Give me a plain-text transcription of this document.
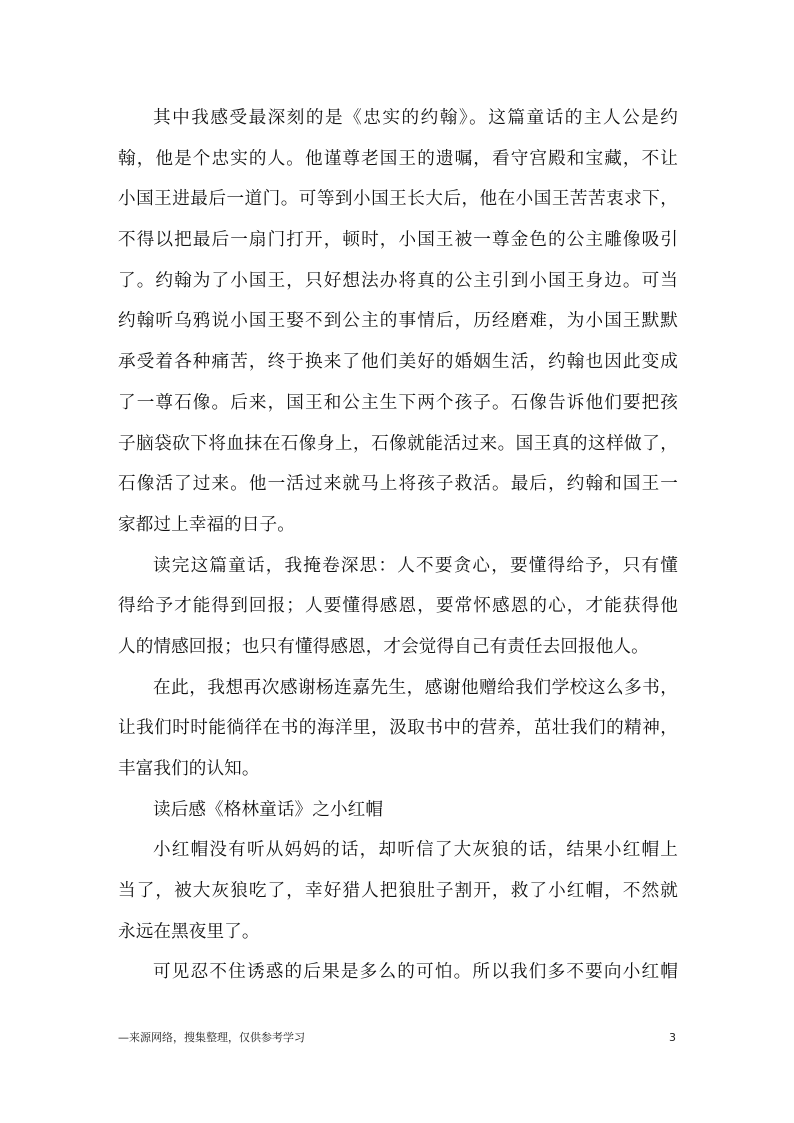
其中我感受最深刻的是《忠实的约翰》。这篇童话的主人公是约
翰，他是个忠实的人。他谨尊老国王的遗嘱，看守宫殿和宝藏，不让
小国王进最后一道门。可等到小国王长大后，他在小国王苦苦衷求下，
不得以把最后一扇门打开，顿时，小国王被一尊金色的公主雕像吸引
了。约翰为了小国王，只好想法办将真的公主引到小国王身边。可当
约翰听乌鸦说小国王娶不到公主的事情后，历经磨难，为小国王默默
承受着各种痛苦，终于换来了他们美好的婚姻生活，约翰也因此变成
了一尊石像。后来，国王和公主生下两个孩子。石像告诉他们要把孩
子脑袋砍下将血抹在石像身上，石像就能活过来。国王真的这样做了，
石像活了过来。他一活过来就马上将孩子救活。最后，约翰和国王一
家都过上幸福的日子。
读完这篇童话，我掩卷深思：人不要贪心，要懂得给予，只有懂
得给予才能得到回报；人要懂得感恩，要常怀感恩的心，才能获得他
人的情感回报；也只有懂得感恩，才会觉得自己有责任去回报他人。
在此，我想再次感谢杨连嘉先生，感谢他赠给我们学校这么多书，
让我们时时能徜徉在书的海洋里，汲取书中的营养，茁壮我们的精神，
丰富我们的认知。
读后感《格林童话》之小红帽
小红帽没有听从妈妈的话，却听信了大灰狼的话，结果小红帽上
当了，被大灰狼吃了，幸好猎人把狼肚子割开，救了小红帽，不然就
永远在黑夜里了。
可见忍不住诱惑的后果是多么的可怕。所以我们多不要向小红帽
—来源网络，搜集整理，仅供参考学习	3
